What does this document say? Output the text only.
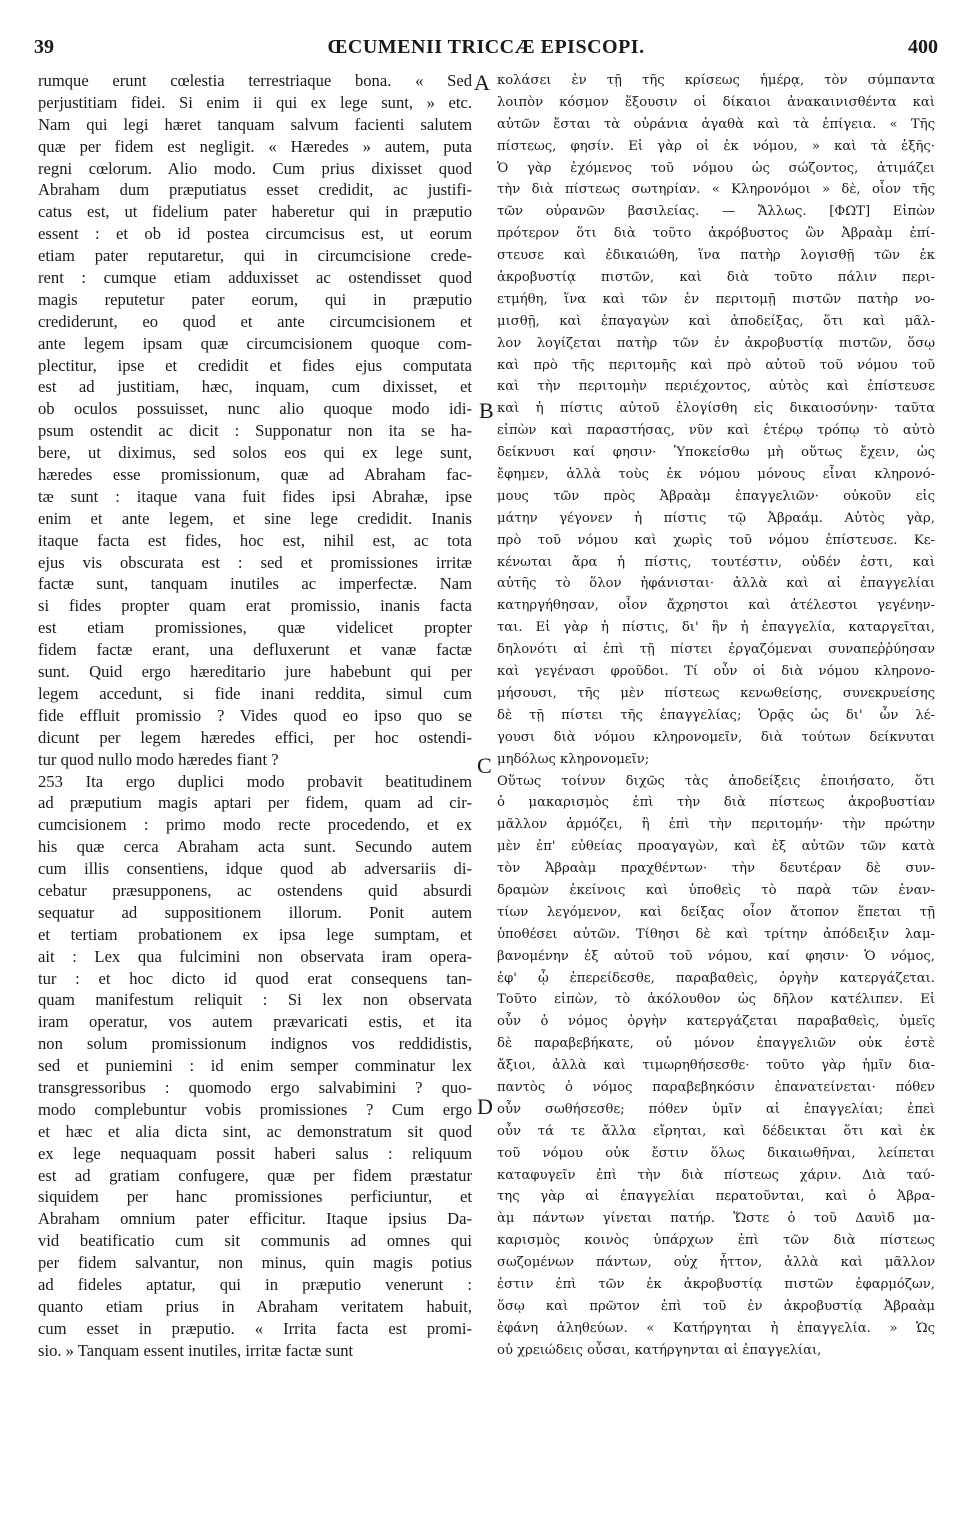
39	ŒCUMENII TRICCÆ EPISCOPI.	400
A
B
C
D
rumque erunt cœlestia terrestriaque bona. « Sed
perjustitiam fidei. Si enim ii qui ex lege sunt, » etc.
Nam qui legi hæret tanquam salvum facienti salutem
quæ per fidem est negligit. « Hæredes » autem, puta
regni cœlorum. Alio modo. Cum prius dixisset quod
Abraham dum præputiatus esset credidit, ac justifi-
catus est, ut fidelium pater haberetur qui in præputio
essent : et ob id postea circumcisus est, ut eorum
etiam pater reputaretur, qui in circumcisione crede-
rent : cumque etiam adduxisset ac ostendisset quod
magis reputetur pater eorum, qui in præputio
crediderunt, eo quod et ante circumcisionem et
ante legem ipsam quæ circumcisionem quoque com-
plectitur, ipse et credidit et fides ejus computata
est ad justitiam, hæc, inquam, cum dixisset, et
ob oculos possuisset, nunc alio quoque modo idi-
psum ostendit ac dicit : Supponatur non ita se ha-
bere, ut diximus, sed solos eos qui ex lege sunt,
hæredes esse promissionum, quæ ad Abraham fac-
tæ sunt : itaque vana fuit fides ipsi Abrahæ, ipse
enim et ante legem, et sine lege credidit. Inanis
itaque facta est fides, hoc est, nihil est, ac tota
ejus vis obscurata est : sed et promissiones irritæ
factæ sunt, tanquam inutiles ac imperfectæ. Nam
si fides propter quam erat promissio, inanis facta
est etiam promissiones, quæ videlicet propter
fidem factæ erant, una defluxerunt et vanæ factæ
sunt. Quid ergo hæreditario jure habebunt qui per
legem accedunt, si fide inani reddita, simul cum
fide effluit promissio ? Vides quod eo ipso quo se
dicunt per legem hæredes effici, per hoc ostendi-
tur quod nullo modo hæredes fiant ?
253 Ita ergo duplici modo probavit beatitudinem
ad præputium magis aptari per fidem, quam ad cir-
cumcisionem : primo modo recte procedendo, et ex
his quæ cerca Abraham acta sunt. Secundo autem
cum illis consentiens, idque quod ab adversariis di-
cebatur præsupponens, ac ostendens quid absurdi
sequatur ad suppositionem illorum. Ponit autem
et tertiam probationem ex ipsa lege sumptam, et
ait : Lex qua fulcimini non observata iram opera-
tur : et hoc dicto id quod erat consequens tan-
quam manifestum reliquit : Si lex non observata
iram operatur, vos autem prævaricati estis, et ita
non solum promissionum indignos vos reddidistis,
sed et puniemini : id enim semper comminatur lex
transgressoribus : quomodo ergo salvabimini ? quo-
modo complebuntur vobis promissiones ? Cum ergo
et hæc et alia dicta sint, ac demonstratum sit quod
ex lege nequaquam possit haberi salus : reliquum
est ad gratiam confugere, quæ per fidem præstatur
siquidem per hanc promissiones perficiuntur, et
Abraham omnium pater efficitur. Itaque ipsius Da-
vid beatificatio cum sit communis ad omnes qui
per fidem salvantur, non minus, quin magis potius
ad fideles aptatur, qui in præputio venerunt :
quanto etiam prius in Abraham veritatem habuit,
cum esset in præputio. « Irrita facta est promi-
sio. » Tanquam essent inutiles, irritæ factæ sunt
κολάσει ἐν τῇ τῆς κρίσεως ἡμέρᾳ, τὸν σύμπαντα
λοιπὸν κόσμον ἕξουσιν οἱ δίκαιοι ἀνακαινισθέντα καὶ
αὐτῶν ἔσται τὰ οὐράνια ἀγαθὰ καὶ τὰ ἐπίγεια. « Τῆς
πίστεως, φησίν. Εἰ γὰρ οἱ ἐκ νόμου, » καὶ τὰ ἑξῆς·
Ὁ γὰρ ἐχόμενος τοῦ νόμου ὡς σώζοντος, ἀτιμάζει
τὴν διὰ πίστεως σωτηρίαν. « Κληρονόμοι » δὲ, οἷον τῆς
τῶν οὐρανῶν βασιλείας. — Ἄλλως. [ΦΩΤ] Εἰπὼν
πρότερον ὅτι διὰ τοῦτο ἀκρόβυστος ὢν Ἀβραὰμ ἐπί-
στευσε καὶ ἐδικαιώθη, ἵνα πατὴρ λογισθῇ τῶν ἐκ
ἀκροβυστίᾳ πιστῶν, καὶ διὰ τοῦτο πάλιν περι-
ετμήθη, ἵνα καὶ τῶν ἐν περιτομῇ πιστῶν πατὴρ νο-
μισθῇ, καὶ ἐπαγαγὼν καὶ ἀποδείξας, ὅτι καὶ μᾶλ-
λον λογίζεται πατὴρ τῶν ἐν ἀκροβυστίᾳ πιστῶν, ὅσῳ
καὶ πρὸ τῆς περιτομῆς καὶ πρὸ αὐτοῦ τοῦ νόμου τοῦ
καὶ τὴν περιτομὴν περιέχοντος, αὐτὸς καὶ ἐπίστευσε
καὶ ἡ πίστις αὐτοῦ ἐλογίσθη εἰς δικαιοσύνην· ταῦτα
εἰπὼν καὶ παραστήσας, νῦν καὶ ἑτέρῳ τρόπῳ τὸ αὐτὸ
δείκνυσι καί φησιν· Ὑποκείσθω μὴ οὕτως ἔχειν, ὡς
ἔφημεν, ἀλλὰ τοὺς ἐκ νόμου μόνους εἶναι κληρονό-
μους τῶν πρὸς Ἀβραὰμ ἐπαγγελιῶν· οὐκοῦν εἰς
μάτην γέγονεν ἡ πίστις τῷ Ἀβραάμ. Αὐτὸς γὰρ,
πρὸ τοῦ νόμου καὶ χωρὶς τοῦ νόμου ἐπίστευσε. Κε-
κένωται ἄρα ἡ πίστις, τουτέστιν, οὐδέν ἐστι, καὶ
αὐτῆς τὸ ὅλον ἠφάνισται· ἀλλὰ καὶ αἱ ἐπαγγελίαι
κατηργήθησαν, οἷον ἄχρηστοι καὶ ἀτέλεστοι γεγένην-
ται. Εἰ γὰρ ἡ πίστις, δι' ἣν ἡ ἐπαγγελία, καταργεῖται,
δηλονότι αἱ ἐπὶ τῇ πίστει ἐργαζόμεναι συναπεῤῥύησαν
καὶ γεγένασι φροῦδοι. Τί οὖν οἱ διὰ νόμου κληρονο-
μήσουσι, τῆς μὲν πίστεως κενωθείσης, συνεκρυείσης
δὲ τῇ πίστει τῆς ἐπαγγελίας; Ὁρᾷς ὡς δι' ὧν λέ-
γουσι διὰ νόμου κληρονομεῖν, διὰ τούτων δείκνυται
μηδόλως κληρονομεῖν;
Οὕτως τοίνυν διχῶς τὰς ἀποδείξεις ἐποιήσατο, ὅτι
ὁ μακαρισμὸς ἐπὶ τὴν διὰ πίστεως ἀκροβυστίαν
μᾶλλον ἁρμόζει, ἢ ἐπὶ τὴν περιτομήν· τὴν πρώτην
μὲν ἐπ' εὐθείας προαγαγὼν, καὶ ἐξ αὐτῶν τῶν κατὰ
τὸν Ἀβραὰμ πραχθέντων· τὴν δευτέραν δὲ συν-
δραμὼν ἐκείνοις καὶ ὑποθεὶς τὸ παρὰ τῶν ἐναν-
τίων λεγόμενον, καὶ δείξας οἷον ἄτοπον ἕπεται τῇ
ὑποθέσει αὐτῶν. Τίθησι δὲ καὶ τρίτην ἀπόδειξιν λαμ-
βανομένην ἐξ αὐτοῦ τοῦ νόμου, καί φησιν· Ὁ νόμος,
ἐφ' ᾧ ἐπερείδεσθε, παραβαθεὶς, ὀργὴν κατεργάζεται.
Τοῦτο εἰπὼν, τὸ ἀκόλουθον ὡς δῆλον κατέλιπεν. Εἰ
οὖν ὁ νόμος ὀργὴν κατεργάζεται παραβαθεὶς, ὑμεῖς
δὲ παραβεβήκατε, οὐ μόνον ἐπαγγελιῶν οὐκ ἐστὲ
ἄξιοι, ἀλλὰ καὶ τιμωρηθήσεσθε· τοῦτο γὰρ ἡμῖν δια-
παντὸς ὁ νόμος παραβεβηκόσιν ἐπανατείνεται· πόθεν
οὖν σωθήσεσθε; πόθεν ὑμῖν αἱ ἐπαγγελίαι; ἐπεὶ
οὖν τά τε ἄλλα εἴρηται, καὶ δέδεικται ὅτι καὶ ἐκ
τοῦ νόμου οὐκ ἔστιν ὅλως δικαιωθῆναι, λείπεται
καταφυγεῖν ἐπὶ τὴν διὰ πίστεως χάριν. Διὰ ταύ-
της γὰρ αἱ ἐπαγγελίαι περατοῦνται, καὶ ὁ Ἀβρα-
ὰμ πάντων γίνεται πατήρ. Ὥστε ὁ τοῦ Δαυὶδ μα-
καρισμὸς κοινὸς ὑπάρχων ἐπὶ τῶν διὰ πίστεως
σωζομένων πάντων, οὐχ ἧττον, ἀλλὰ καὶ μᾶλλον
ἐστιν ἐπὶ τῶν ἐκ ἀκροβυστίᾳ πιστῶν ἐφαρμόζων,
ὅσῳ καὶ πρῶτον ἐπὶ τοῦ ἐν ἀκροβυστίᾳ Ἀβραὰμ
ἐφάνη ἀληθεύων. « Κατήργηται ἡ ἐπαγγελία. » Ὡς
οὐ χρειώδεις οὖσαι, κατήργηνται αἱ ἐπαγγελίαι,
